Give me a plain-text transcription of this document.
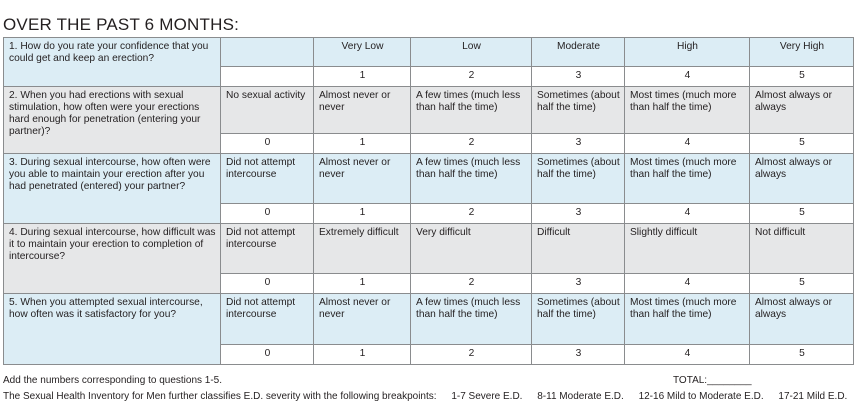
OVER THE PAST 6 MONTHS:
1. How do you rate your confidence that you could get and keep an erection?		Very Low	Low	Moderate	High	Very High
		1	2	3	4	5
2. When you had erections with sexual stimulation, how often were your erections hard enough for penetration (entering your partner)?	No sexual activity	Almost never or never	A few times (much less than half the time)	Sometimes (about half the time)	Most times (much more than half the time)	Almost always or always
	0	1	2	3	4	5
3. During sexual intercourse, how often were you able to maintain your erection after you had penetrated (entered) your partner?	Did not attempt intercourse	Almost never or never	A few times (much less than half the time)	Sometimes (about half the time)	Most times (much more than half the time)	Almost always or always
	0	1	2	3	4	5
4. During sexual intercourse, how difficult was it to maintain your erection to completion of intercourse?	Did not attempt intercourse	Extremely difficult	Very difficult	Difficult	Slightly difficult	Not difficult
	0	1	2	3	4	5
5. When you attempted sexual intercourse, how often was it satisfactory for you?	Did not attempt intercourse	Almost never or never	A few times (much less than half the time)	Sometimes (about half the time)	Most times (much more than half the time)	Almost always or always
	0	1	2	3	4	5
Add the numbers corresponding to questions 1-5.	TOTAL:________
The Sexual Health Inventory for Men further classifies E.D. severity with the following breakpoints: 1-7 Severe E.D. 8-11 Moderate E.D. 12-16 Mild to Moderate E.D. 17-21 Mild E.D.
